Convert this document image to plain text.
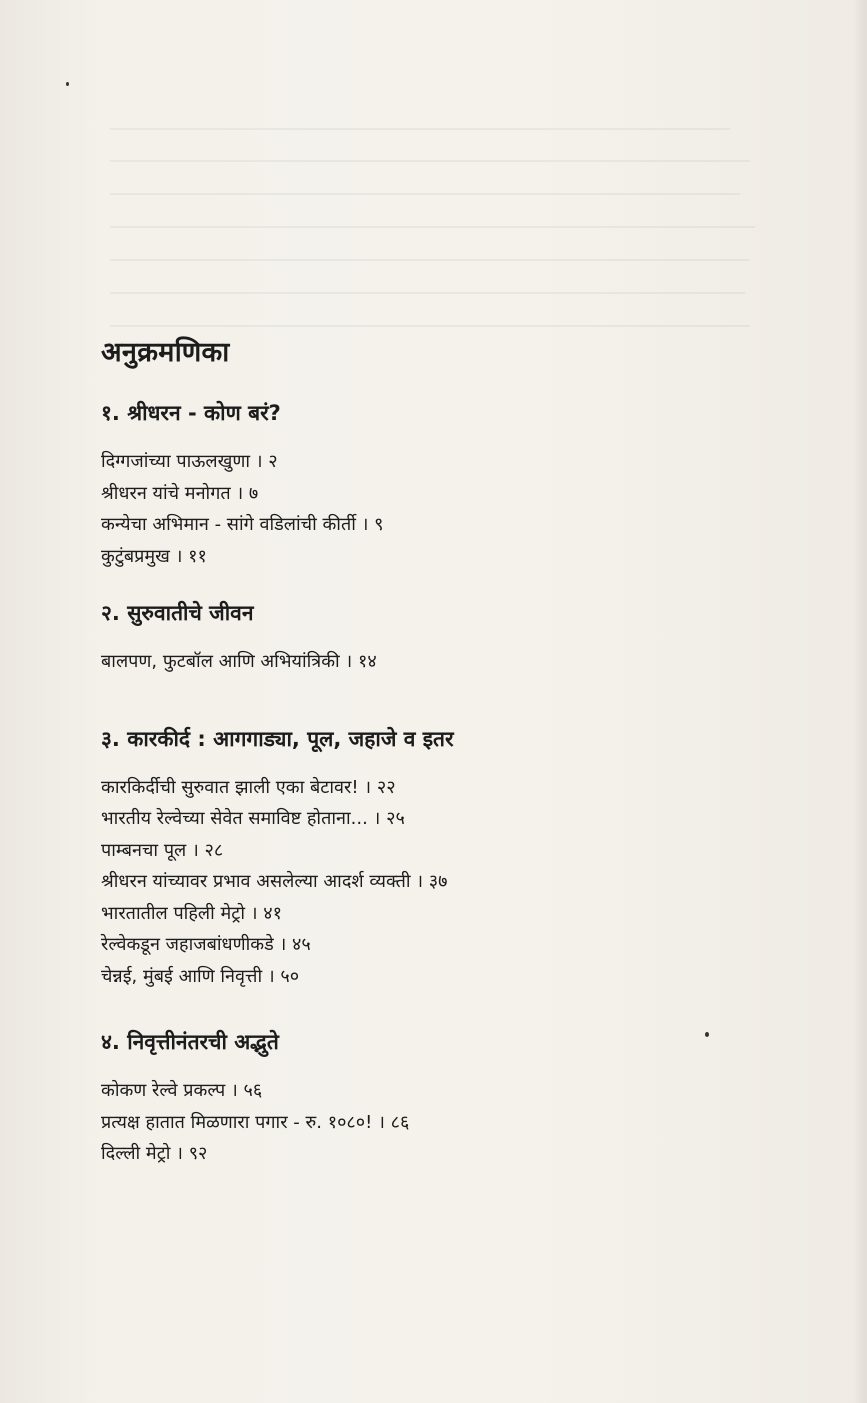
अनुक्रमणिका
१. श्रीधरन - कोण बरं?
दिग्गजांच्या पाऊलखुणा । २
श्रीधरन यांचे मनोगत । ७
कन्येचा अभिमान - सांगे वडिलांची कीर्ती । ९
कुटुंबप्रमुख । ११
२. सुरुवातीचे जीवन
बालपण, फुटबॉल आणि अभियांत्रिकी । १४
३. कारकीर्द : आगगाड्या, पूल, जहाजे व इतर
कारकिर्दीची सुरुवात झाली एका बेटावर! । २२
भारतीय रेल्वेच्या सेवेत समाविष्ट होताना... । २५
पाम्बनचा पूल । २८
श्रीधरन यांच्यावर प्रभाव असलेल्या आदर्श व्यक्ती । ३७
भारतातील पहिली मेट्रो । ४१
रेल्वेकडून जहाजबांधणीकडे । ४५
चेन्नई, मुंबई आणि निवृत्ती । ५०
४. निवृत्तीनंतरची अद्भुते
कोकण रेल्वे प्रकल्प । ५६
प्रत्यक्ष हातात मिळणारा पगार - रु. १०८०! । ८६
दिल्ली मेट्रो । ९२
